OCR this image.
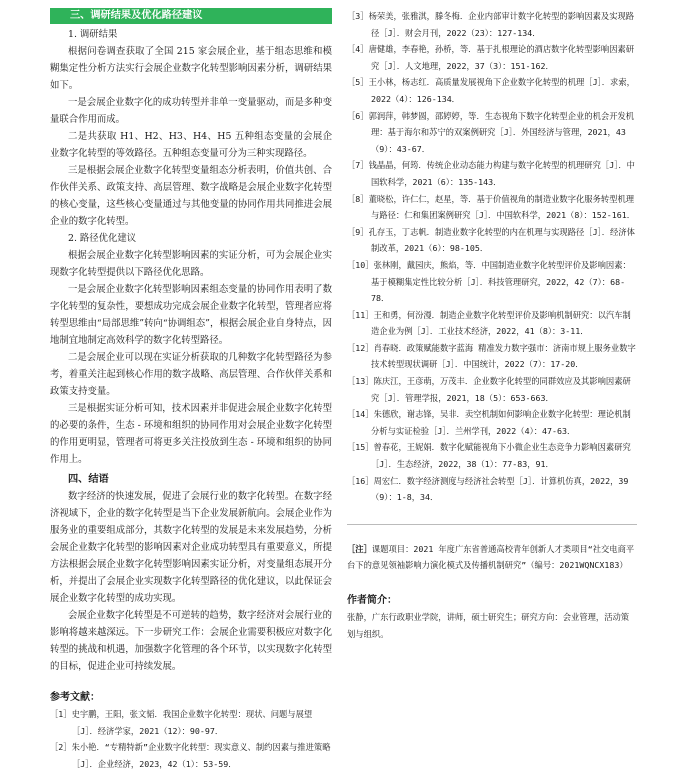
三、调研结果及优化路径建议

1. 调研结果

根据问卷调查获取了全国 215 家会展企业，基于组态思维和模糊集定性分析方法实行会展企业数字化转型影响因素分析，调研结果如下。

一是会展企业数字化的成功转型并非单一变量驱动，而是多种变量联合作用而成。

二是共获取 H1、H2、H3、H4、H5 五种组态变量的会展企业数字化转型的等效路径。五种组态变量可分为三种实现路径。

三是根据会展企业数字化转型变量组态分析表明，价值共创、合作伙伴关系、政策支持、高层管理、数字战略是会展企业数字化转型的核心变量，这些核心变量通过与其他变量的协同作用共同推进会展企业的数字化转型。

2. 路径优化建议

根据会展企业数字化转型影响因素的实证分析，可为会展企业实现数字化转型提供以下路径优化思路。

一是会展企业数字化转型影响因素组态变量的协同作用表明了数字化转型的复杂性，要想成功完成会展企业数字化转型，管理者应将转型思维由“局部思维”转向“协调组态”，根据会展企业自身特点，因地制宜地制定高效科学的数字化转型路径。

二是会展企业可以现在实证分析获取的几种数字化转型路径为参考，着重关注起到核心作用的数字战略、高层管理、合作伙伴关系和政策支持变量。

三是根据实证分析可知，技术因素并非促进会展企业数字化转型的必要的条件，生态 - 环境和组织的协同作用对会展企业数字化转型的作用更明显，管理者可将更多关注投放到生态 - 环境和组织的协同作用上。

四、结语

数字经济的快速发展，促进了会展行业的数字化转型。在数字经济视域下，企业的数字化转型是当下企业发展新航向。会展企业作为服务业的重要组成部分，其数字化转型的发展是未来发展趋势，分析会展企业数字化转型的影响因素对企业成功转型具有重要意义，所提方法根据会展企业数字化转型影响因素实证分析，对变量组态展开分析，并提出了会展企业实现数字化转型路径的优化建议，以此保证会展企业数字化转型的成功实现。

会展企业数字化转型是不可逆转的趋势，数字经济对会展行业的影响将越来越深远。下一步研究工作：会展企业需要积极应对数字化转型的挑战和机遇，加强数字化管理的各个环节，以实现数字化转型的目标，促进企业可持续发展。

参考文献：

［1］史宇鹏，王阳，张文韬．我国企业数字化转型：现状、问题与展望［J］．经济学家，2021（12）：90-97．

［2］朱小艳．“专精特新”企业数字化转型：现实意义、制约因素与推进策略［J］．企业经济，2023，42（1）：53-59．

［3］杨荣美，张雅淇，滕冬梅．企业内部审计数字化转型的影响因素及实现路径［J］．财会月刊，2022（23）：127-134．

［4］唐健雄，李春艳，孙桥，等．基于扎根理论的酒店数字化转型影响因素研究［J］．人文地理，2022，37（3）：151-162．

［5］王小林，杨志红．高质量发展视角下企业数字化转型的机理［J］．求索，2022（4）：126-134．

［6］郭润萍，韩梦圆，邵婷婷，等．生态视角下数字化转型企业的机会开发机理：基于海尔和苏宁的双案例研究［J］．外国经济与管理，2021，43（9）：43-67．

［7］钱晶晶，何筠．传统企业动态能力构建与数字化转型的机理研究［J］．中国软科学，2021（6）：135-143．

［8］董晓松，许仁仁，赵星，等．基于价值视角的制造业数字化服务转型机理与路径：仁和集团案例研究［J］．中国软科学，2021（8）：152-161．

［9］孔存玉，丁志帆．制造业数字化转型的内在机理与实现路径［J］．经济体制改革，2021（6）：98-105．

［10］张林刚，戴园庆，熊焰，等．中国制造业数字化转型评价及影响因素：基于模糊集定性比较分析［J］．科技管理研究，2022，42（7）：68-78．

［11］王和勇，何汾漫．制造企业数字化转型评价及影响机制研究：以汽车制造企业为例［J］．工业技术经济，2022，41（8）：3-11．

［12］肖春晓．政策赋能数字蓝海 精准发力数字强市：济南市规上服务业数字技术转型现状调研［J］．中国统计，2022（7）：17-20．

［13］陈庆江，王彦萌，万茂丰．企业数字化转型的同群效应及其影响因素研究［J］．管理学报，2021，18（5）：653-663．

［14］朱德欣，谢志锋，吴非．卖空机制如何影响企业数字化转型：理论机制分析与实证检验［J］．兰州学刊，2022（4）：47-63．

［15］曾春花，王妮娟．数字化赋能视角下小微企业生态竞争力影响因素研究［J］．生态经济，2022，38（1）：77-83，91．

［16］周宏仁．数字经济测度与经济社会转型［J］．计算机仿真，2022，39（9）：1-8，34．

［注］课题项目：2021 年度广东省普通高校青年创新人才类项目“社交电商平台下的意见领袖影响力演化模式及传播机制研究”（编号：2021WQNCX183）

作者简介：

张静，广东行政职业学院，讲师，硕士研究生；研究方向：会业管理，活动策划与组织。
